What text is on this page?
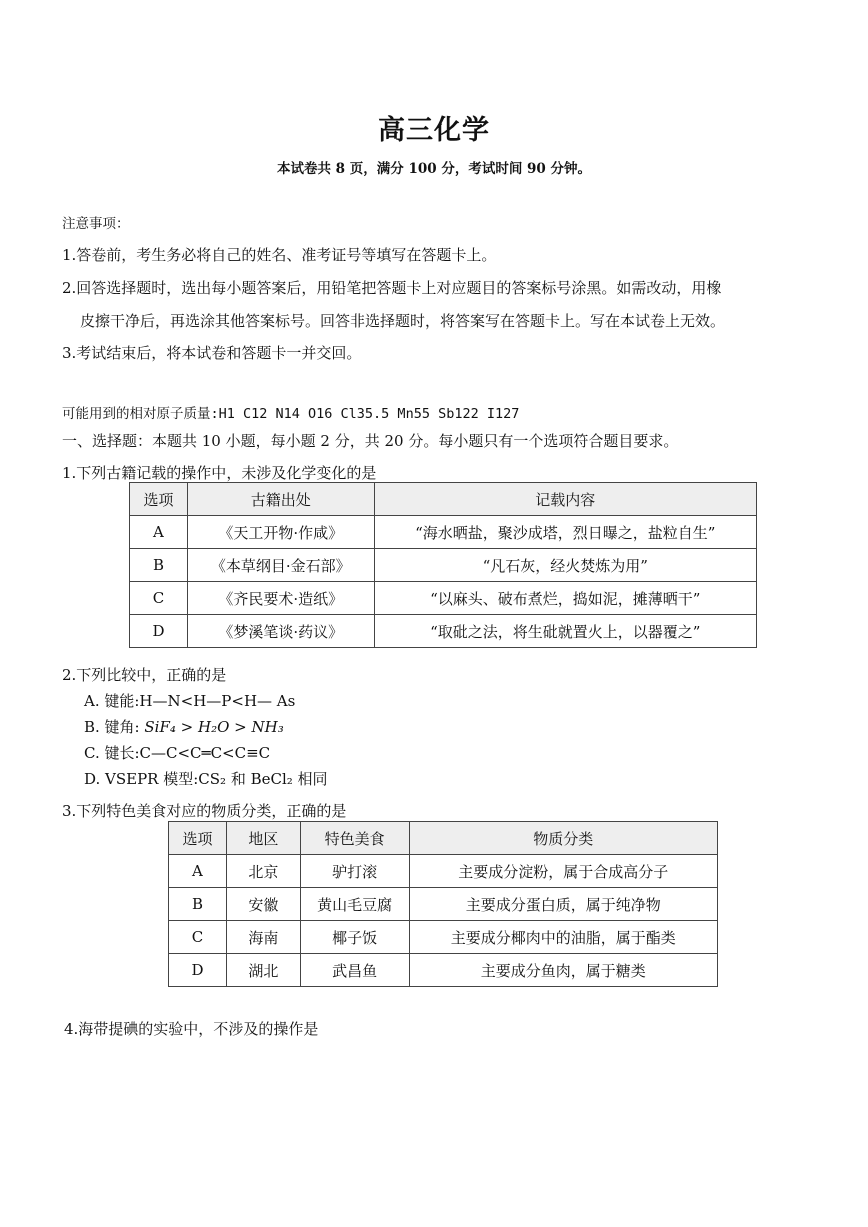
高三化学
本试卷共 8 页，满分 100 分，考试时间 90 分钟。
注意事项：
1.答卷前，考生务必将自己的姓名、准考证号等填写在答题卡上。
2.回答选择题时，选出每小题答案后，用铅笔把答题卡上对应题目的答案标号涂黑。如需改动，用橡
皮擦干净后，再选涂其他答案标号。回答非选择题时，将答案写在答题卡上。写在本试卷上无效。
3.考试结束后，将本试卷和答题卡一并交回。
可能用到的相对原子质量:H1 C12 N14 O16 Cl35.5 Mn55 Sb122 I127
一、选择题：本题共 10 小题，每小题 2 分，共 20 分。每小题只有一个选项符合题目要求。
1.下列古籍记载的操作中，未涉及化学变化的是
选项	古籍出处	记载内容
A	《天工开物·作咸》	“海水晒盐，聚沙成塔，烈日曝之，盐粒自生”
B	《本草纲目·金石部》	“凡石灰，经火焚炼为用”
C	《齐民要术·造纸》	“以麻头、破布煮烂，捣如泥，摊薄晒干”
D	《梦溪笔谈·药议》	“取砒之法，将生砒就置火上，以器覆之”
2.下列比较中，正确的是
A. 键能:H—N<H—P<H— As
B. 键角: SiF₄ > H₂O > NH₃
C. 键长:C—C<C═C<C≡C
D. VSEPR 模型:CS₂ 和 BeCl₂ 相同
3.下列特色美食对应的物质分类，正确的是
选项	地区	特色美食	物质分类
A	北京	驴打滚	主要成分淀粉，属于合成高分子
B	安徽	黄山毛豆腐	主要成分蛋白质，属于纯净物
C	海南	椰子饭	主要成分椰肉中的油脂，属于酯类
D	湖北	武昌鱼	主要成分鱼肉，属于糖类
4.海带提碘的实验中，不涉及的操作是
